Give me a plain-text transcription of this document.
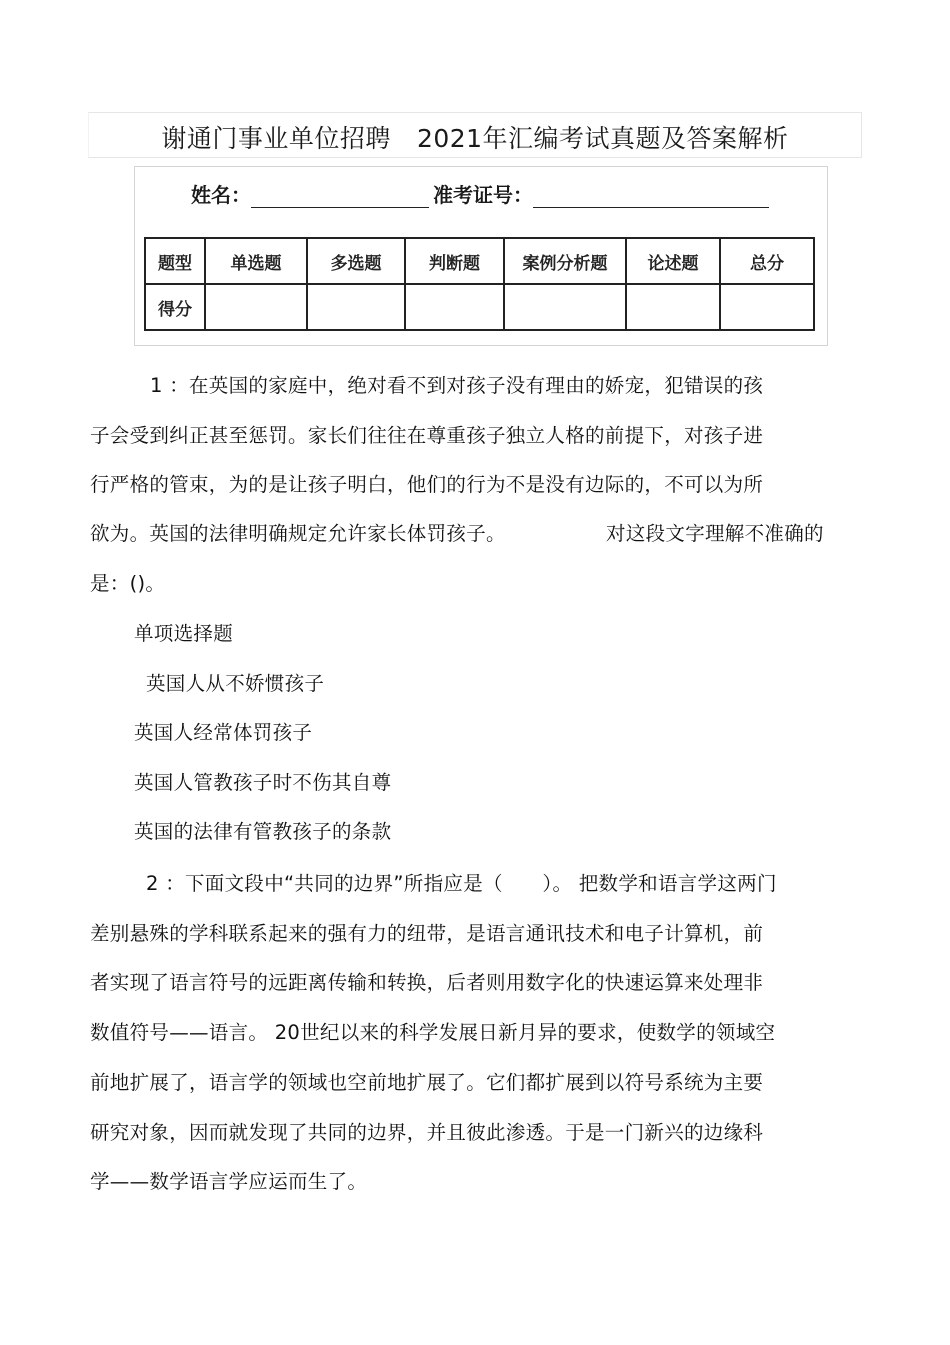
谢通门事业单位招聘 2021年汇编考试真题及答案解析
姓名：	准考证号：
题型	单选题	多选题	判断题	案例分析题	论述题	总分
得分						
1 ：在英国的家庭中，绝对看不到对孩子没有理由的娇宠，犯错误的孩
子会受到纠正甚至惩罚。家长们往往在尊重孩子独立人格的前提下，对孩子进
行严格的管束，为的是让孩子明白，他们的行为不是没有边际的，不可以为所
欲为。英国的法律明确规定允许家长体罚孩子。	对这段文字理解不准确的
是：()。
单项选择题
英国人从不娇惯孩子
英国人经常体罚孩子
英国人管教孩子时不伤其自尊
英国的法律有管教孩子的条款
2 ：下面文段中“共同的边界”所指应是（　　）。 把数学和语言学这两门
差别悬殊的学科联系起来的强有力的纽带，是语言通讯技术和电子计算机，前
者实现了语言符号的远距离传输和转换，后者则用数字化的快速运算来处理非
数值符号——语言。 20世纪以来的科学发展日新月异的要求，使数学的领域空
前地扩展了，语言学的领域也空前地扩展了。它们都扩展到以符号系统为主要
研究对象，因而就发现了共同的边界，并且彼此渗透。于是一门新兴的边缘科
学——数学语言学应运而生了。
